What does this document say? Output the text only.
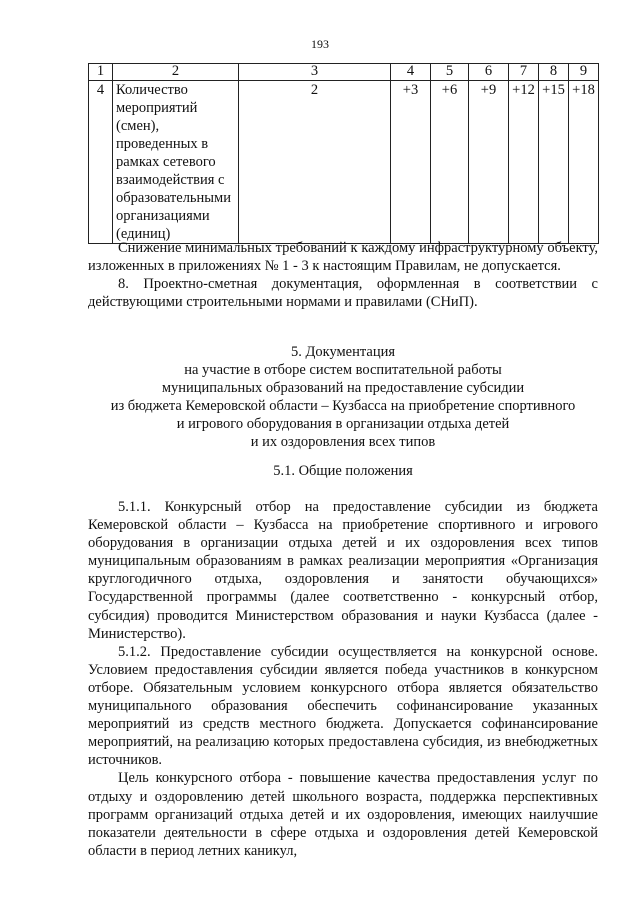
193
1	2	3	4	5	6	7	8	9
4	Количество мероприятий (смен), проведенных в рамках сетевого взаимодействия с образовательными организациями (единиц)	2	+3	+6	+9	+12	+15	+18

Снижение минимальных требований к каждому инфраструктурному объекту, изложенных в приложениях № 1 - 3 к настоящим Правилам, не допускается.

8. Проектно-сметная документация, оформленная в соответствии с действующими строительными нормами и правилами (СНиП).

5. Документация

на участие в отборе систем воспитательной работы

муниципальных образований на предоставление субсидии

из бюджета Кемеровской области – Кузбасса на приобретение спортивного

и игрового оборудования в организации отдыха детей

и их оздоровления всех типов

5.1. Общие положения

5.1.1. Конкурсный отбор на предоставление субсидии из бюджета Кемеровской области – Кузбасса на приобретение спортивного и игрового оборудования в организации отдыха детей и их оздоровления всех типов муниципальным образованиям в рамках реализации мероприятия «Организация круглогодичного отдыха, оздоровления и занятости обучающихся» Государственной программы (далее соответственно - конкурсный отбор, субсидия) проводится Министерством образования и науки Кузбасса (далее - Министерство).

5.1.2. Предоставление субсидии осуществляется на конкурсной основе. Условием предоставления субсидии является победа участников в конкурсном отборе. Обязательным условием конкурсного отбора является обязательство муниципального образования обеспечить софинансирование указанных мероприятий из средств местного бюджета. Допускается софинансирование мероприятий, на реализацию которых предоставлена субсидия, из внебюджетных источников.

Цель конкурсного отбора - повышение качества предоставления услуг по отдыху и оздоровлению детей школьного возраста, поддержка перспективных программ организаций отдыха детей и их оздоровления, имеющих наилучшие показатели деятельности в сфере отдыха и оздоровления детей Кемеровской области в период летних каникул,
